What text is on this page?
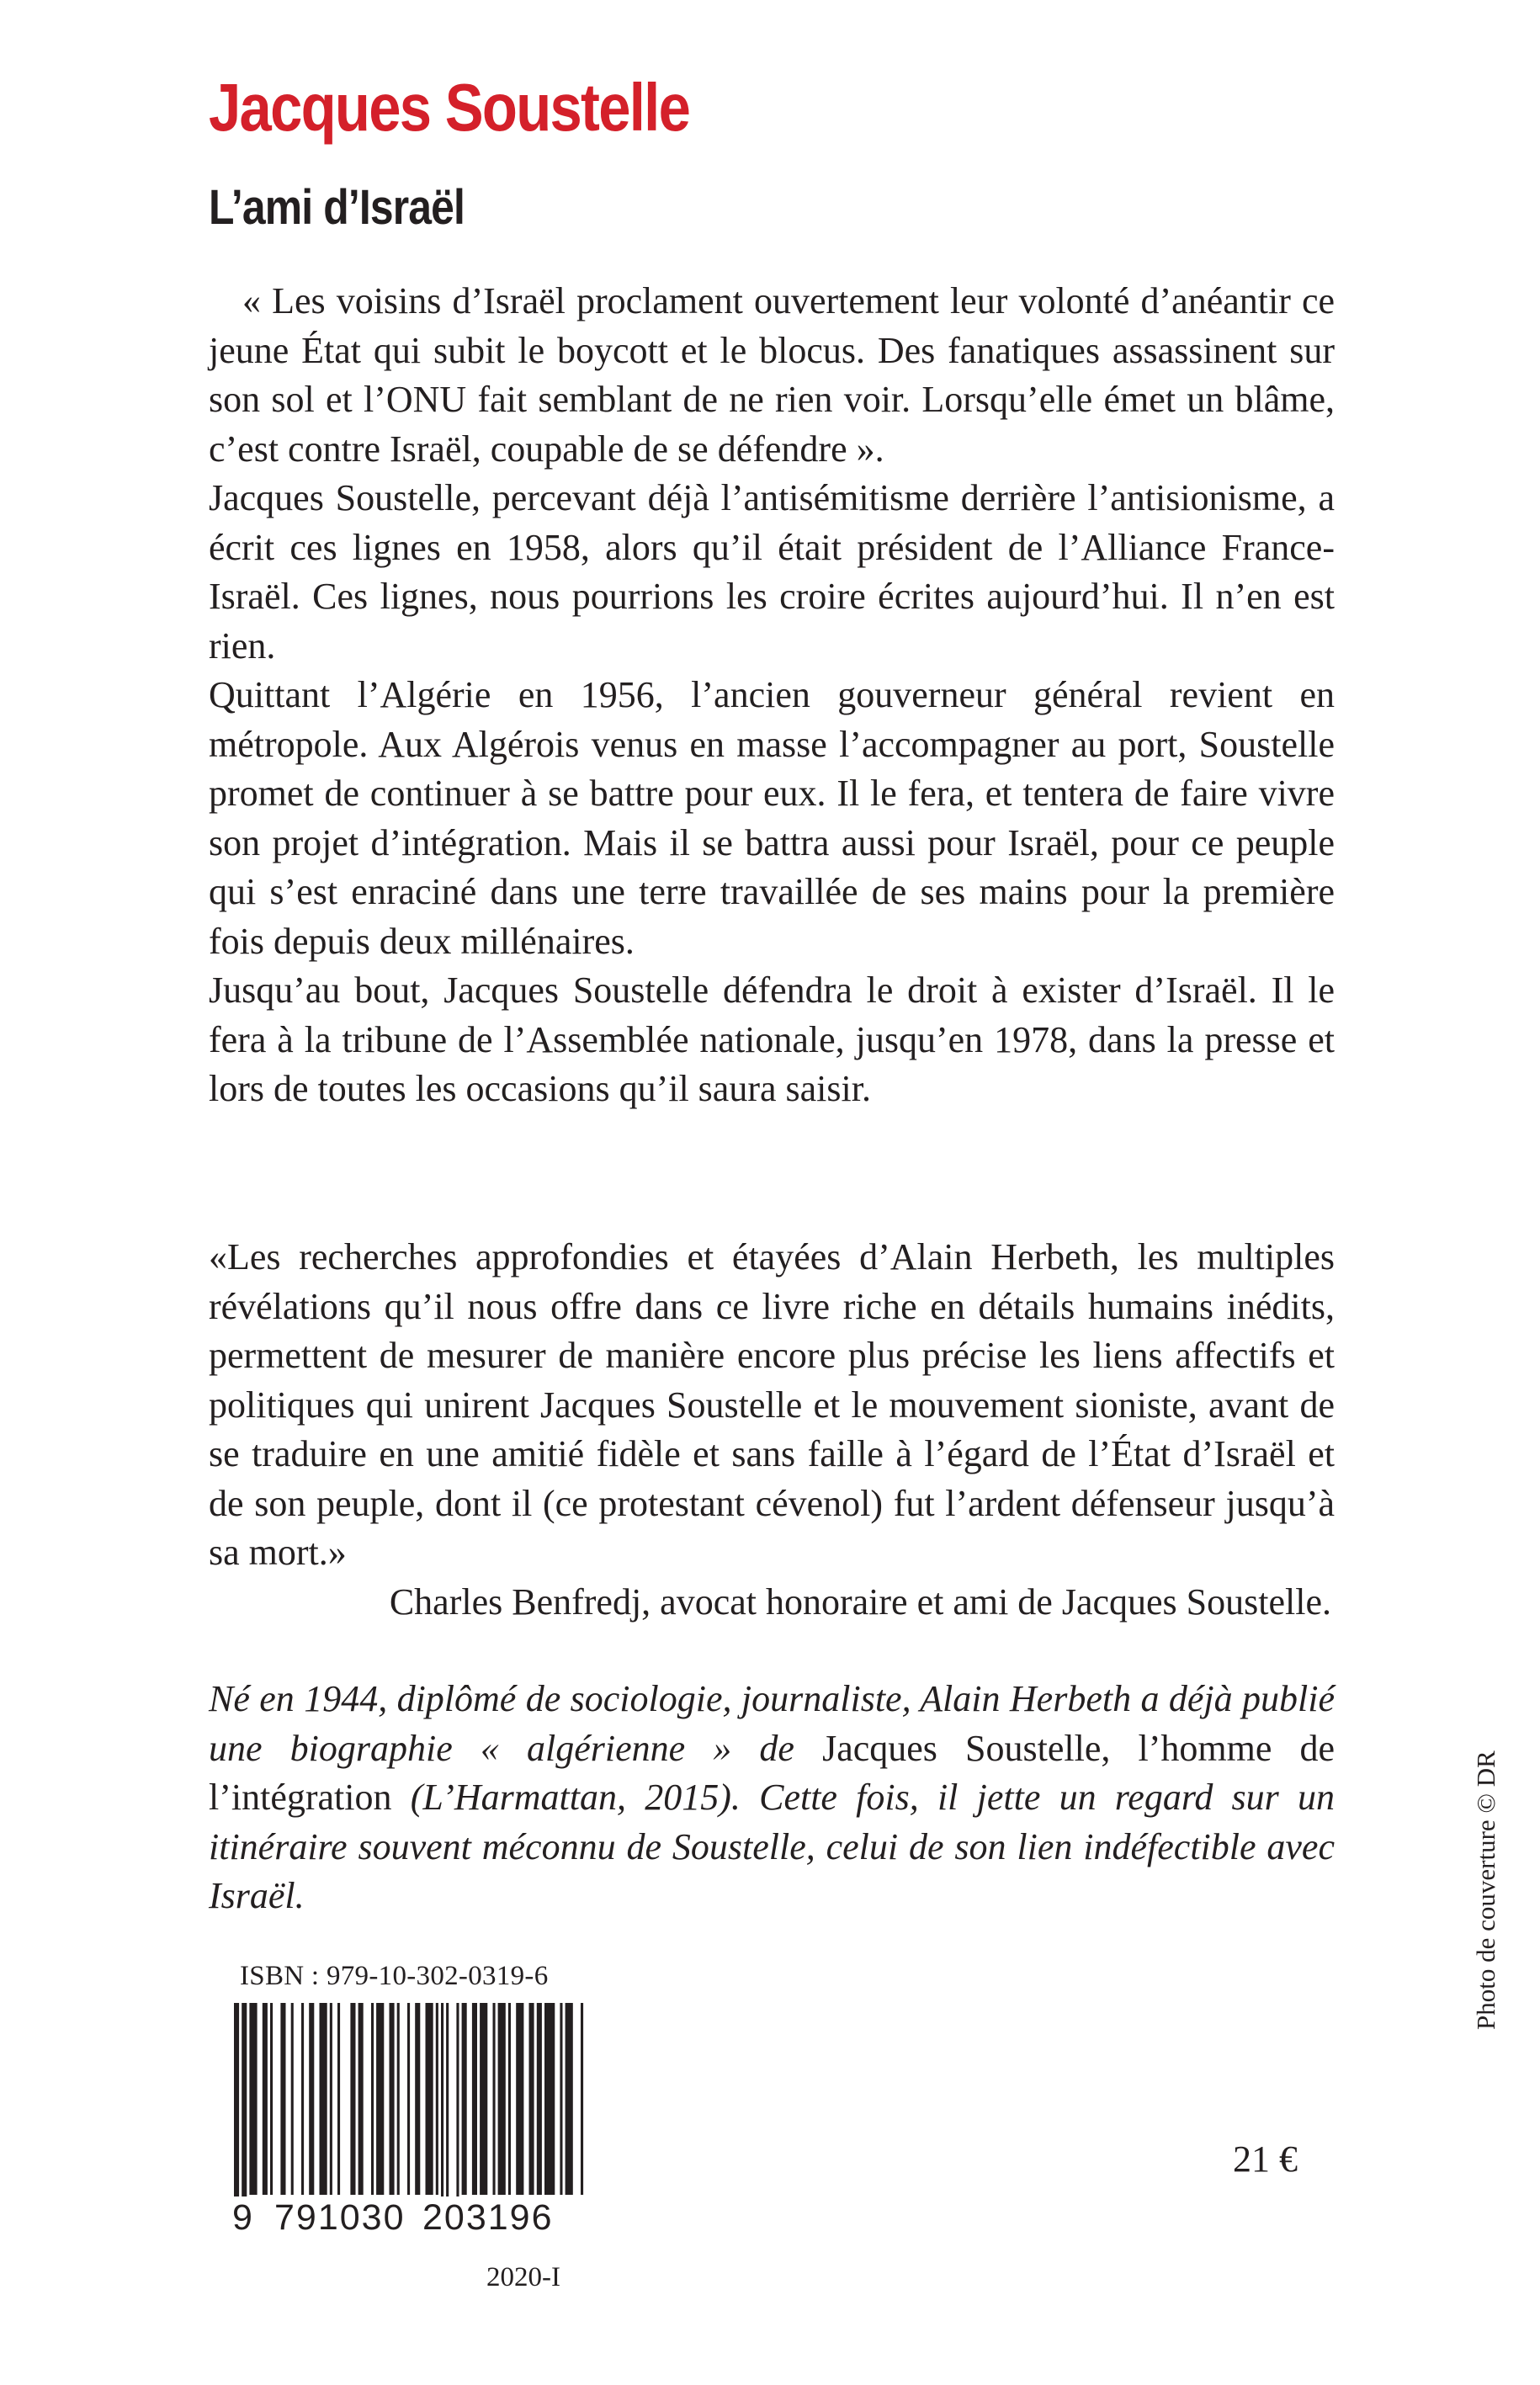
Jacques Soustelle
L’ami d’Israël

« Les voisins d’Israël proclament ouvertement leur volonté d’anéantir ce jeune État qui subit le boycott et le blocus. Des fanatiques assassinent sur son sol et l’ONU fait semblant de ne rien voir. Lorsqu’elle émet un blâme, c’est contre Israël, coupable de se défendre ».

Jacques Soustelle, percevant déjà l’antisémitisme derrière l’antisionisme, a écrit ces lignes en 1958, alors qu’il était président de l’Alliance France-Israël. Ces lignes, nous pourrions les croire écrites aujourd’hui. Il n’en est rien.

Quittant l’Algérie en 1956, l’ancien gouverneur général revient en métropole. Aux Algérois venus en masse l’accompagner au port, Soustelle promet de continuer à se battre pour eux. Il le fera, et tentera de faire vivre son projet d’intégration. Mais il se battra aussi pour Israël, pour ce peuple qui s’est enraciné dans une terre travaillée de ses mains pour la première fois depuis deux millénaires.

Jusqu’au bout, Jacques Soustelle défendra le droit à exister d’Israël. Il le fera à la tribune de l’Assemblée nationale, jusqu’en 1978, dans la presse et lors de toutes les occasions qu’il saura saisir.

«Les recherches approfondies et étayées d’Alain Herbeth, les multiples révélations qu’il nous offre dans ce livre riche en détails humains inédits, permettent de mesurer de manière encore plus précise les liens affectifs et politiques qui unirent Jacques Soustelle et le mouvement sioniste, avant de se traduire en une amitié fidèle et sans faille à l’égard de l’État d’Israël et de son peuple, dont il (ce protestant cévenol) fut l’ardent défenseur jusqu’à sa mort.»

Charles Benfredj, avocat honoraire et ami de Jacques Soustelle.

Né en 1944, diplômé de sociologie, journaliste, Alain Herbeth a déjà publié une biographie « algérienne » de Jacques Soustelle, l’homme de l’intégration (L’Harmattan, 2015). Cette fois, il jette un regard sur un itinéraire souvent méconnu de Soustelle, celui de son lien indéfectible avec Israël.

ISBN : 979-10-302-0319-6
9 791030 203196
2020-I
21 €
Photo de couverture © DR
